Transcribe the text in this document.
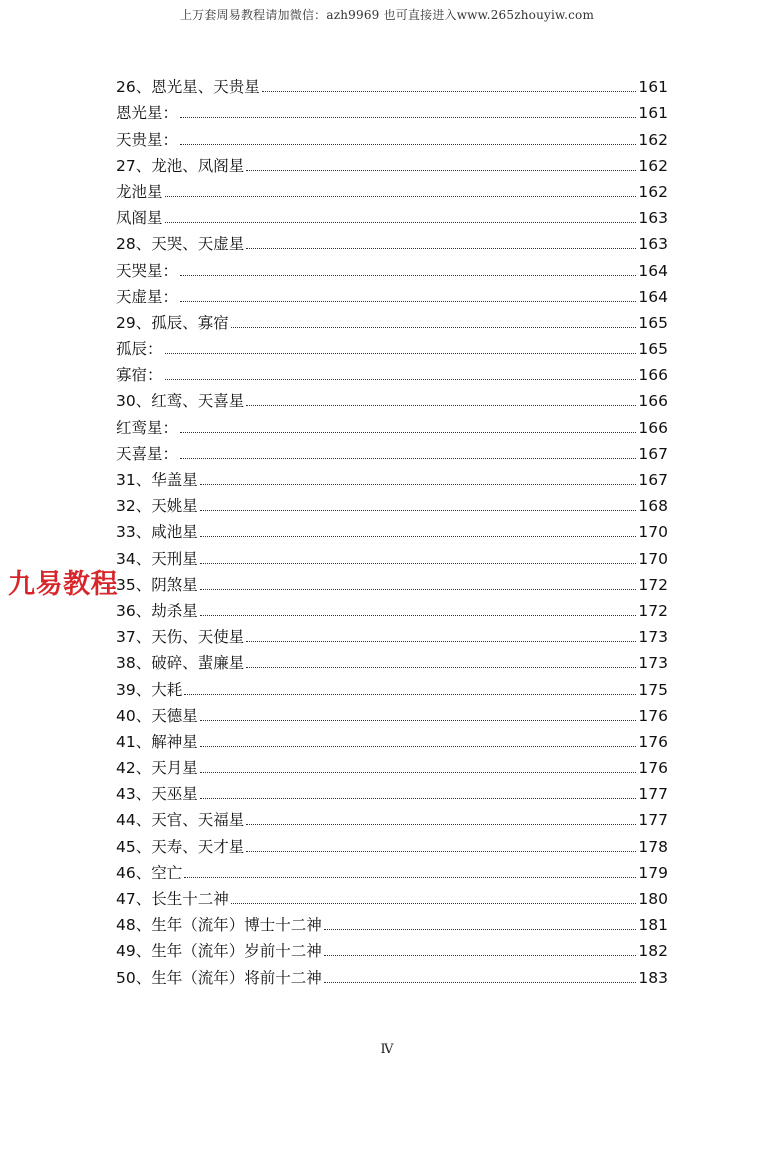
上万套周易教程请加微信：azh9969 也可直接进入www.265zhouyiw.com
九易教程
26、恩光星、天贵星	161
恩光星：	161
天贵星：	162
27、龙池、凤阁星	162
龙池星	162
凤阁星	163
28、天哭、天虚星	163
天哭星：	164
天虚星：	164
29、孤辰、寡宿	165
孤辰：	165
寡宿：	166
30、红鸾、天喜星	166
红鸾星：	166
天喜星：	167
31、华盖星	167
32、天姚星	168
33、咸池星	170
34、天刑星	170
35、阴煞星	172
36、劫杀星	172
37、天伤、天使星	173
38、破碎、蜚廉星	173
39、大耗	175
40、天德星	176
41、解神星	176
42、天月星	176
43、天巫星	177
44、天官、天福星	177
45、天寿、天才星	178
46、空亡	179
47、长生十二神	180
48、生年（流年）博士十二神	181
49、生年（流年）岁前十二神	182
50、生年（流年）将前十二神	183
Ⅳ
